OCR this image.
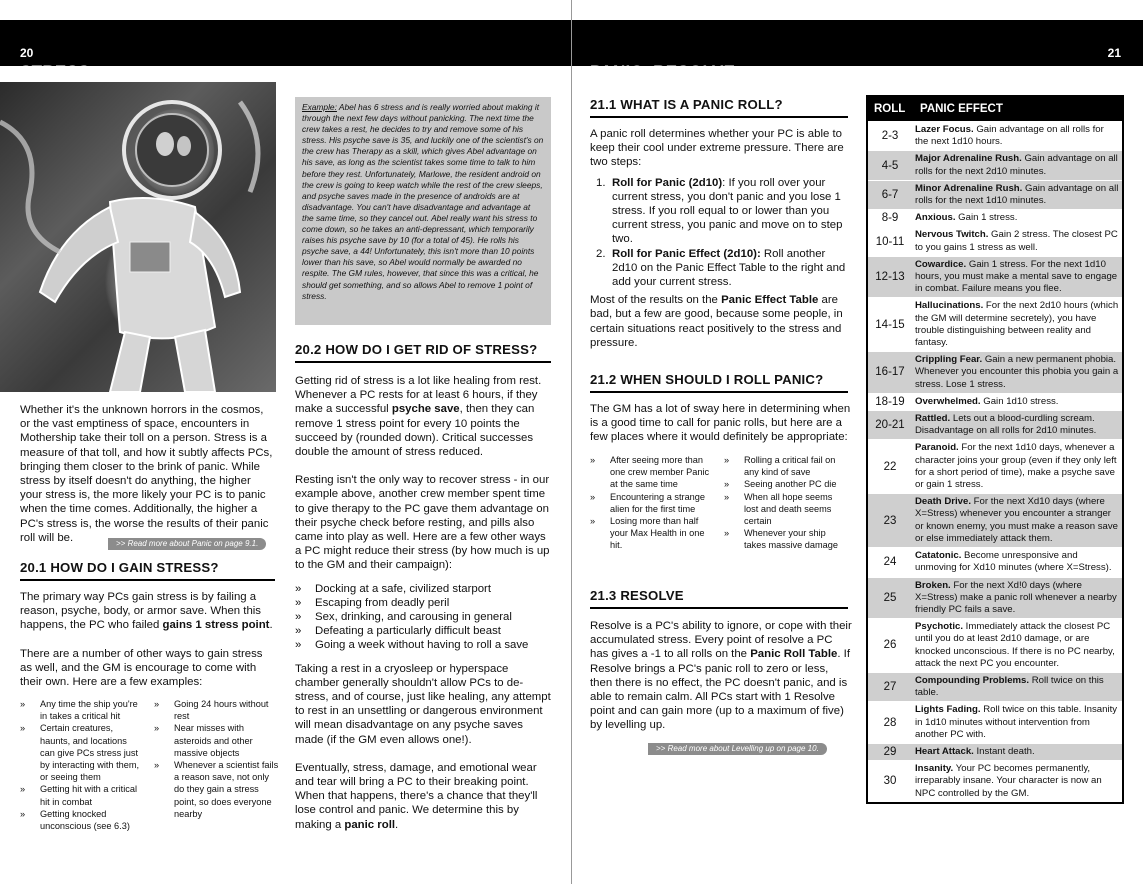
20
STRESS
Example: Abel has 6 stress and is really worried about making it through the next few days without panicking. The next time the crew takes a rest, he decides to try and remove some of his stress. His psyche save is 35, and luckily one of the scientist's on the crew has Therapy as a skill, which gives Abel advantage on his save, as long as the scientist takes some time to talk to him before they rest. Unfortunately, Marlowe, the resident android on the crew is going to keep watch while the rest of the crew sleeps, and psyche saves made in the presence of androids are at disadvantage. You can't have disadvantage and advantage at the same time, so they cancel out. Abel really want his stress to come down, so he takes an anti-depressant, which temporarily raises his psyche save by 10 (for a total of 45). He rolls his psyche save, a 44! Unfortunately, this isn't more than 10 points lower than his save, so Abel would normally be awarded no respite. The GM rules, however, that since this was a critical, he should get something, and so allows Abel to remove 1 point of stress.

Whether it's the unknown horrors in the cosmos, or the vast emptiness of space, encounters in Mothership take their toll on a person. Stress is a measure of that toll, and how it subtly affects PCs, bringing them closer to the brink of panic. While stress by itself doesn't do anything, the higher your stress is, the more likely your PC is to panic when the time comes. Additionally, the higher a PC's stress is, the worse the results of their panic roll will be.	>> Read more about Panic on page 9.1.
20.1 HOW DO I GAIN STRESS?

The primary way PCs gain stress is by failing a reason, psyche, body, or armor save. When this happens, the PC who failed gains 1 stress point.

There are a number of other ways to gain stress as well, and the GM is encourage to come with their own. Here are a few examples:

» Any time the ship you're in takes a critical hit
» Certain creatures, haunts, and locations can give PCs stress just by interacting with them, or seeing them
» Getting hit with a critical hit in combat
» Getting knocked unconscious (see 6.3)
» Going 24 hours without rest
» Near misses with asteroids and other massive objects
» Whenever a scientist fails a reason save, not only do they gain a stress point, so does everyone nearby
20.2 HOW DO I GET RID OF STRESS?

Getting rid of stress is a lot like healing from rest. Whenever a PC rests for at least 6 hours, if they make a successful psyche save, then they can remove 1 stress point for every 10 points the succeed by (rounded down). Critical successes double the amount of stress reduced.

Resting isn't the only way to recover stress - in our example above, another crew member spent time to give therapy to the PC gave them advantage on their psyche check before resting, and pills also came into play as well. Here are a few other ways a PC might reduce their stress (by how much is up to the GM and their campaign):

» Docking at a safe, civilized starport
» Escaping from deadly peril
» Sex, drinking, and carousing in general
» Defeating a particularly difficult beast
» Going a week without having to roll a save

Taking a rest in a cryosleep or hyperspace chamber generally shouldn't allow PCs to de-stress, and of course, just like healing, any attempt to rest in an unsettling or dangerous environment will mean disadvantage on any psyche saves made (if the GM even allows one!).

Eventually, stress, damage, and emotional wear and tear will bring a PC to their breaking point. When that happens, there's a chance that they'll lose control and panic. We determine this by making a panic roll.

21
PANIC, RESOLVE
21.1 WHAT IS A PANIC ROLL?

A panic roll determines whether your PC is able to keep their cool under extreme pressure. There are two steps:

1. Roll for Panic (2d10): If you roll over your current stress, you don't panic and you lose 1 stress. If you roll equal to or lower than you current stress, you panic and move on to step two.
2. Roll for Panic Effect (2d10): Roll another 2d10 on the Panic Effect Table to the right and add your current stress.

Most of the results on the Panic Effect Table are bad, but a few are good, because some people, in certain situations react positively to the stress and pressure.

21.2 WHEN SHOULD I ROLL PANIC?

The GM has a lot of sway here in determining when is a good time to call for panic rolls, but here are a few places where it would definitely be appropriate:

» After seeing more than one crew member Panic at the same time
» Encountering a strange alien for the first time
» Losing more than half your Max Health in one hit.
» Rolling a critical fail on any kind of save
» Seeing another PC die
» When all hope seems lost and death seems certain
» Whenever your ship takes massive damage
21.3 RESOLVE

Resolve is a PC's ability to ignore, or cope with their accumulated stress. Every point of resolve a PC has gives a -1 to all rolls on the Panic Roll Table. If Resolve brings a PC's panic roll to zero or less, then there is no effect, the PC doesn't panic, and is able to remain calm. All PCs start with 1 Resolve point and can gain more (up to a maximum of five) by levelling up.

>> Read more about Levelling up on page 10.
ROLL	PANIC EFFECT
2-3	Lazer Focus. Gain advantage on all rolls for the next 1d10 hours.
4-5	Major Adrenaline Rush. Gain advantage on all rolls for the next 2d10 minutes.
6-7	Minor Adrenaline Rush. Gain advantage on all rolls for the next 1d10 minutes.
8-9	Anxious. Gain 1 stress.
10-11	Nervous Twitch. Gain 2 stress. The closest PC to you gains 1 stress as well.
12-13	Cowardice. Gain 1 stress. For the next 1d10 hours, you must make a mental save to engage in combat. Failure means you flee.
14-15	Hallucinations. For the next 2d10 hours (which the GM will determine secretely), you have trouble distinguishing between reality and fantasy.
16-17	Crippling Fear. Gain a new permanent phobia. Whenever you encounter this phobia you gain a stress. Lose 1 stress.
18-19	Overwhelmed. Gain 1d10 stress.
20-21	Rattled. Lets out a blood-curdling scream. Disadvantage on all rolls for 2d10 minutes.
22	Paranoid. For the next 1d10 days, whenever a character joins your group (even if they only left for a short period of time), make a psyche save or gain 1 stress.
23	Death Drive. For the next Xd10 days (where X=Stress) whenever you encounter a stranger or known enemy, you must make a reason save or else immediately attack them.
24	Catatonic. Become unresponsive and unmoving for Xd10 minutes (where X=Stress).
25	Broken. For the next Xd!0 days (where X=Stress) make a panic roll whenever a nearby friendly PC fails a save.
26	Psychotic. Immediately attack the closest PC until you do at least 2d10 damage, or are knocked unconscious. If there is no PC nearby, attack the next PC you encounter.
27	Compounding Problems. Roll twice on this table.
28	Lights Fading. Roll twice on this table. Insanity in 1d10 minutes without intervention from another PC with.
29	Heart Attack. Instant death.
30	Insanity. Your PC becomes permanently, irreparably insane. Your character is now an NPC controlled by the GM.
